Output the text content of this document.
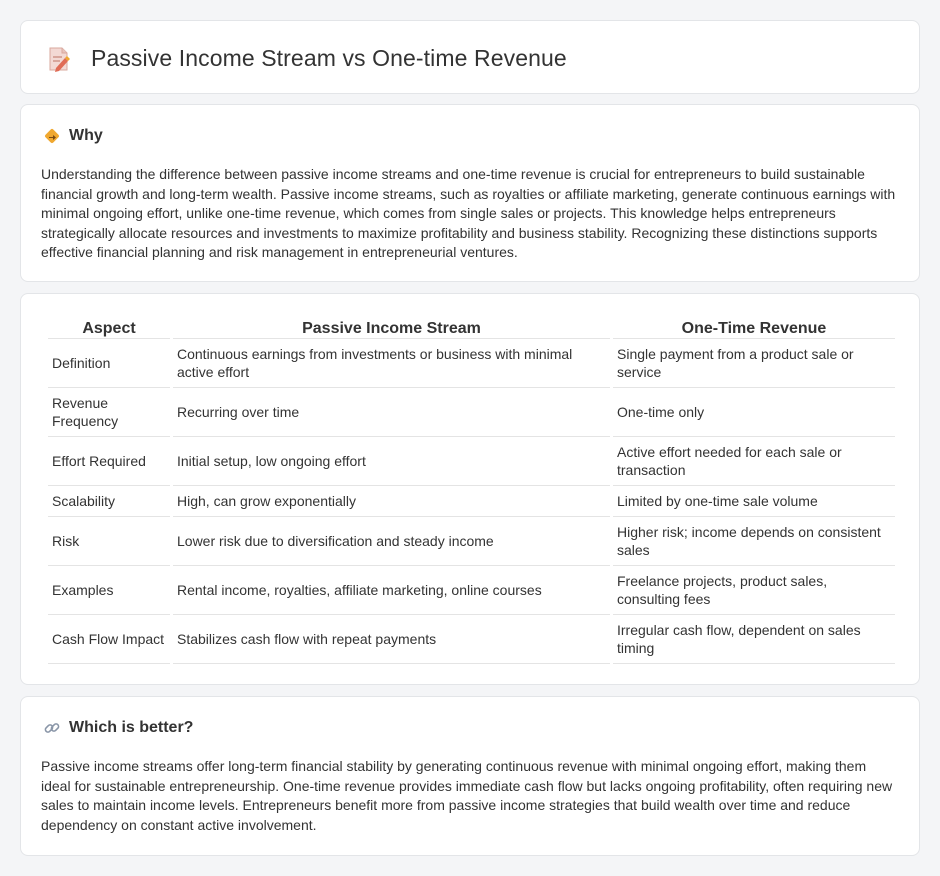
Passive Income Stream vs One-time Revenue
Why

Understanding the difference between passive income streams and one-time revenue is crucial for entrepreneurs to build sustainable financial growth and long-term wealth. Passive income streams, such as royalties or affiliate marketing, generate continuous earnings with minimal ongoing effort, unlike one-time revenue, which comes from single sales or projects. This knowledge helps entrepreneurs strategically allocate resources and investments to maximize profitability and business stability. Recognizing these distinctions supports effective financial planning and risk management in entrepreneurial ventures.

Aspect	Passive Income Stream	One-Time Revenue
Definition	Continuous earnings from investments or business with minimal active effort	Single payment from a product sale or service
Revenue Frequency	Recurring over time	One-time only
Effort Required	Initial setup, low ongoing effort	Active effort needed for each sale or transaction
Scalability	High, can grow exponentially	Limited by one-time sale volume
Risk	Lower risk due to diversification and steady income	Higher risk; income depends on consistent sales
Examples	Rental income, royalties, affiliate marketing, online courses	Freelance projects, product sales, consulting fees
Cash Flow Impact	Stabilizes cash flow with repeat payments	Irregular cash flow, dependent on sales timing
Which is better?

Passive income streams offer long-term financial stability by generating continuous revenue with minimal ongoing effort, making them ideal for sustainable entrepreneurship. One-time revenue provides immediate cash flow but lacks ongoing profitability, often requiring new sales to maintain income levels. Entrepreneurs benefit more from passive income strategies that build wealth over time and reduce dependency on constant active involvement.
